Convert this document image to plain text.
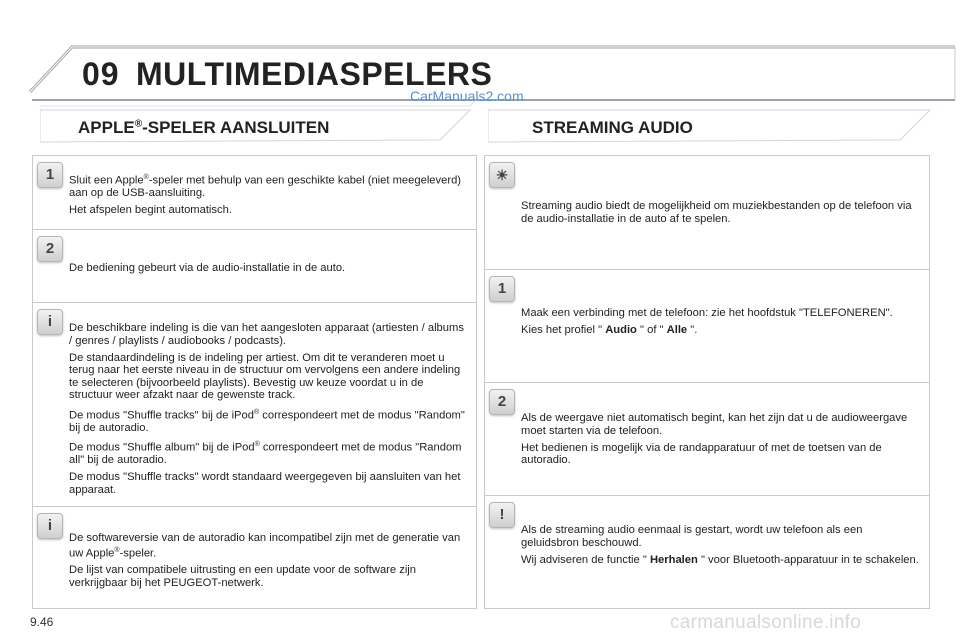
09 MULTIMEDIASPELERS
CarManuals2.com
APPLE®-SPELER AANSLUITEN	STREAMING AUDIO
1	Sluit een Apple®-speler met behulp van een geschikte kabel (niet meegeleverd) aan op de USB-aansluiting.

Het afspelen begint automatisch.

2

De bediening gebeurt via de audio-installatie in de auto.

i	De beschikbare indeling is die van het aangesloten apparaat (artiesten / albums / genres / playlists / audiobooks / podcasts).

De standaardindeling is de indeling per artiest. Om dit te veranderen moet u terug naar het eerste niveau in de structuur om vervolgens een andere indeling te selecteren (bijvoorbeeld playlists). Bevestig uw keuze voordat u in de structuur weer afzakt naar de gewenste track.

De modus "Shuffle tracks" bij de iPod® correspondeert met de modus "Random" bij de autoradio.

De modus "Shuffle album" bij de iPod® correspondeert met de modus "Random all" bij de autoradio.

De modus "Shuffle tracks" wordt standaard weergegeven bij aansluiten van het apparaat.

i

De softwareversie van de autoradio kan incompatibel zijn met de generatie van uw Apple®-speler.

De lijst van compatibele uitrusting en een update voor de software zijn verkrijgbaar bij het PEUGEOT-netwerk.

☀

Streaming audio biedt de mogelijkheid om muziekbestanden op de telefoon via de audio-installatie in de auto af te spelen.

1

Maak een verbinding met de telefoon: zie het hoofdstuk "TELEFONEREN".

Kies het profiel " Audio " of " Alle ".

2

Als de weergave niet automatisch begint, kan het zijn dat u de audioweergave moet starten via de telefoon.

Het bedienen is mogelijk via de randapparatuur of met de toetsen van de autoradio.

!

Als de streaming audio eenmaal is gestart, wordt uw telefoon als een geluidsbron beschouwd.

Wij adviseren de functie " Herhalen " voor Bluetooth-apparatuur in te schakelen.

9.46	carmanualsonline.info
